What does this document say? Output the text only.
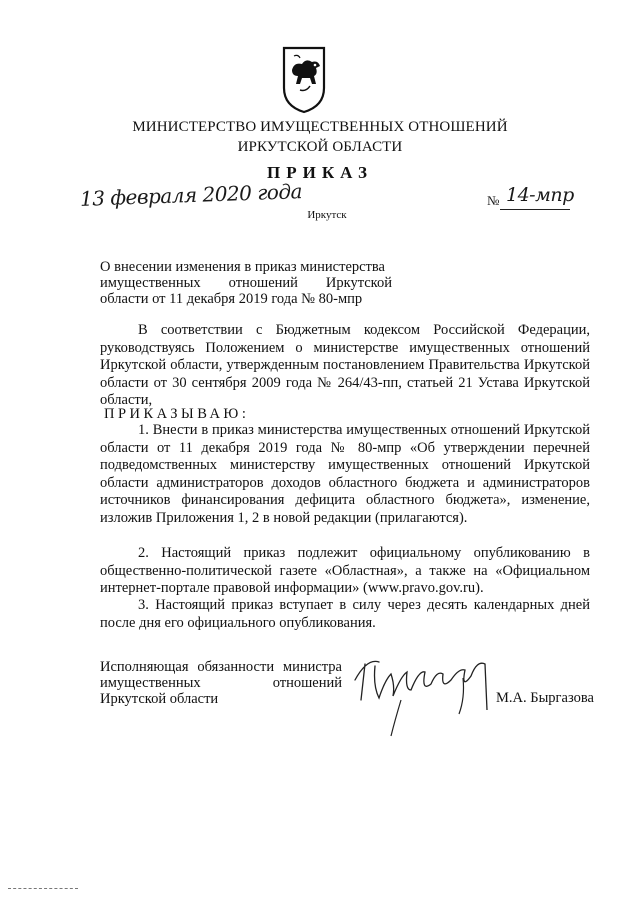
МИНИСТЕРСТВО ИМУЩЕСТВЕННЫХ ОТНОШЕНИЙ
ИРКУТСКОЙ ОБЛАСТИ
ПРИКАЗ
13 февраля 2020 года	№ 14-мпр
Иркутск
О внесении изменения в приказ министерства
имущественных отношений Иркутской
области от 11 декабря 2019 года № 80-мпр
В соответствии с Бюджетным кодексом Российской Федерации, руководствуясь Положением о министерстве имущественных отношений Иркутской области, утвержденным постановлением Правительства Иркутской области от 30 сентября 2009 года № 264/43-пп, статьей 21 Устава Иркутской области,
ПРИКАЗЫВАЮ:
1. Внести в приказ министерства имущественных отношений Иркутской области от 11 декабря 2019 года № 80-мпр «Об утверждении перечней подведомственных министерству имущественных отношений Иркутской области администраторов доходов областного бюджета и администраторов источников финансирования дефицита областного бюджета», изменение, изложив Приложения 1, 2 в новой редакции (прилагаются).
2. Настоящий приказ подлежит официальному опубликованию в общественно-политической газете «Областная», а также на «Официальном интернет-портале правовой информации» (www.pravo.gov.ru).
3. Настоящий приказ вступает в силу через десять календарных дней после дня его официального опубликования.
Исполняющая обязанности министра
имущественных отношений
Иркутской области	М.А. Быргазова
